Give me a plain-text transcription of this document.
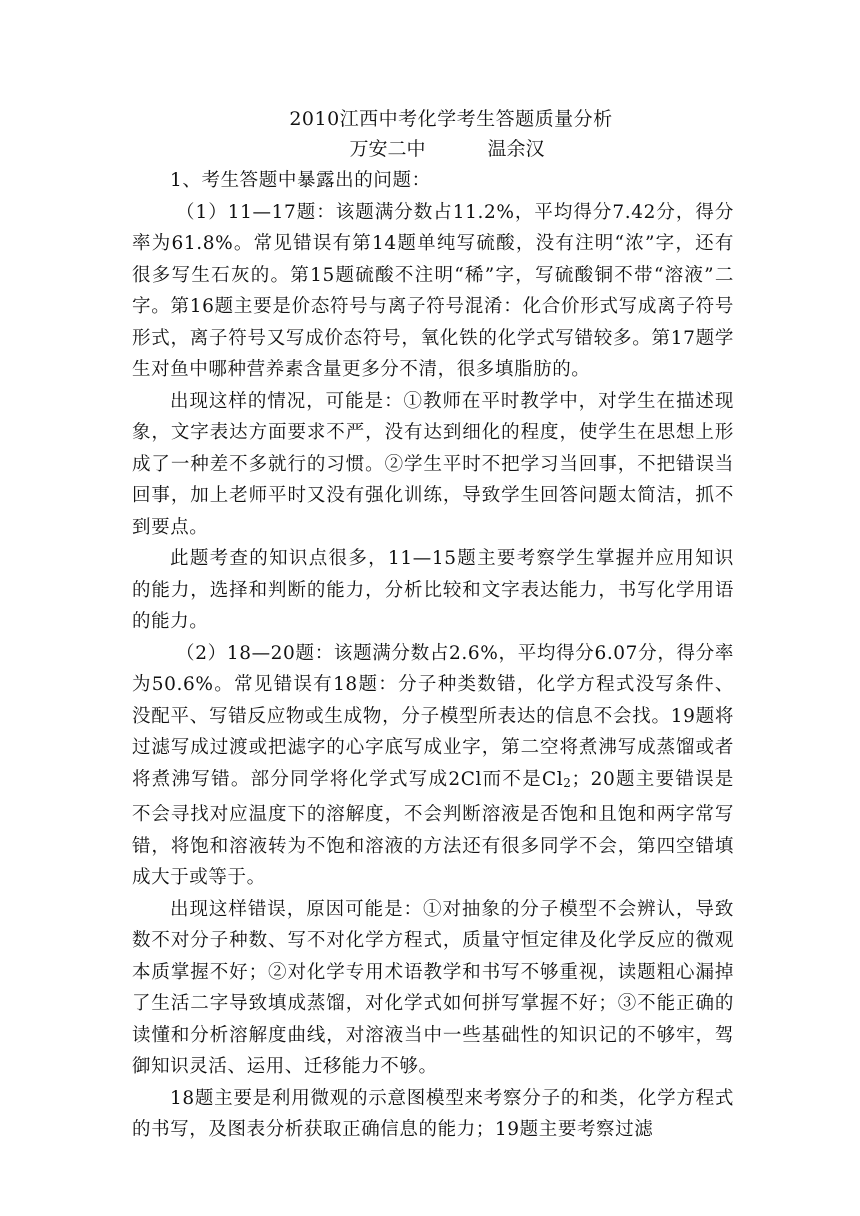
2010江西中考化学考生答题质量分析

万安二中	温余汉

1、考生答题中暴露出的问题：

（1）11—17题：该题满分数占11.2%，平均得分7.42分，得分率为61.8%。常见错误有第14题单纯写硫酸，没有注明“浓”字，还有很多写生石灰的。第15题硫酸不注明“稀”字，写硫酸铜不带“溶液”二字。第16题主要是价态符号与离子符号混淆：化合价形式写成离子符号形式，离子符号又写成价态符号，氧化铁的化学式写错较多。第17题学生对鱼中哪种营养素含量更多分不清，很多填脂肪的。

出现这样的情况，可能是：①教师在平时教学中，对学生在描述现象，文字表达方面要求不严，没有达到细化的程度，使学生在思想上形成了一种差不多就行的习惯。②学生平时不把学习当回事，不把错误当回事，加上老师平时又没有强化训练，导致学生回答问题太简洁，抓不到要点。

此题考查的知识点很多，11—15题主要考察学生掌握并应用知识的能力，选择和判断的能力，分析比较和文字表达能力，书写化学用语的能力。

（2）18—20题：该题满分数占2.6%，平均得分6.07分，得分率为50.6%。常见错误有18题：分子种类数错，化学方程式没写条件、没配平、写错反应物或生成物，分子模型所表达的信息不会找。19题将过滤写成过渡或把滤字的心字底写成业字，第二空将煮沸写成蒸馏或者将煮沸写错。部分同学将化学式写成2Cl而不是$Cl_2$；20题主要错误是不会寻找对应温度下的溶解度，不会判断溶液是否饱和且饱和两字常写错，将饱和溶液转为不饱和溶液的方法还有很多同学不会，第四空错填成大于或等于。

出现这样错误，原因可能是：①对抽象的分子模型不会辨认，导致数不对分子种数、写不对化学方程式，质量守恒定律及化学反应的微观本质掌握不好；②对化学专用术语教学和书写不够重视，读题粗心漏掉了生活二字导致填成蒸馏，对化学式如何拼写掌握不好；③不能正确的读懂和分析溶解度曲线，对溶液当中一些基础性的知识记的不够牢，驾御知识灵活、运用、迁移能力不够。

18题主要是利用微观的示意图模型来考察分子的和类，化学方程式的书写，及图表分析获取正确信息的能力；19题主要考察过滤
